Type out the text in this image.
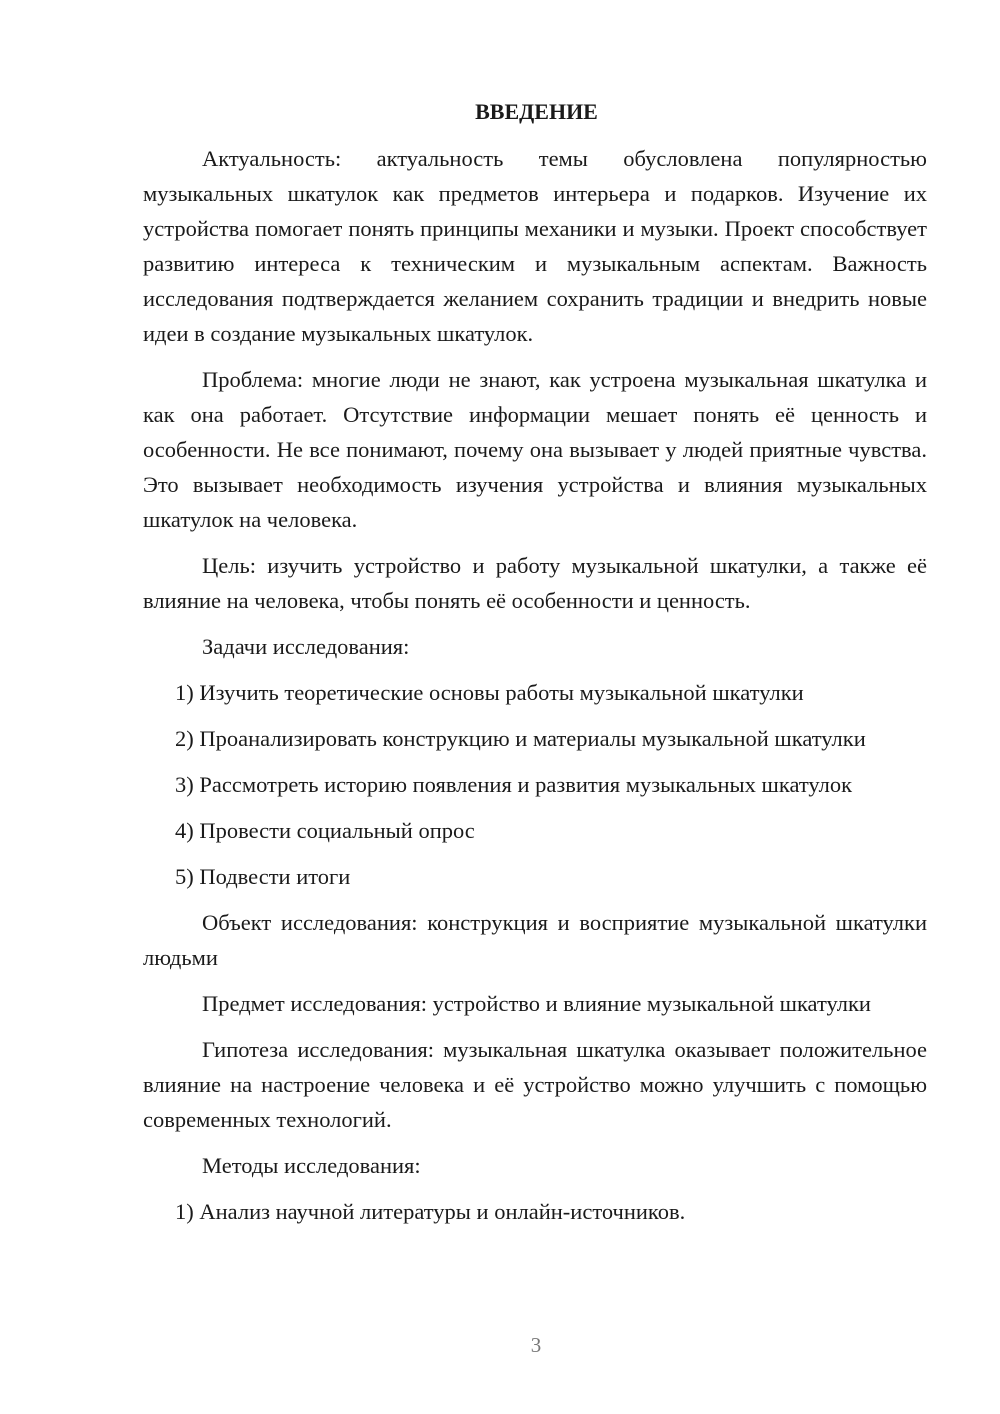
ВВЕДЕНИЕ

Актуальность: актуальность темы обусловлена популярностью музыкальных шкатулок как предметов интерьера и подарков. Изучение их устройства помогает понять принципы механики и музыки. Проект способствует развитию интереса к техническим и музыкальным аспектам. Важность исследования подтверждается желанием сохранить традиции и внедрить новые идеи в создание музыкальных шкатулок.

Проблема: многие люди не знают, как устроена музыкальная шкатулка и как она работает. Отсутствие информации мешает понять её ценность и особенности. Не все понимают, почему она вызывает у людей приятные чувства. Это вызывает необходимость изучения устройства и влияния музыкальных шкатулок на человека.

Цель: изучить устройство и работу музыкальной шкатулки, а также её влияние на человека, чтобы понять её особенности и ценность.

Задачи исследования:

1) Изучить теоретические основы работы музыкальной шкатулки

2) Проанализировать конструкцию и материалы музыкальной шкатулки

3) Рассмотреть историю появления и развития музыкальных шкатулок

4) Провести социальный опрос

5) Подвести итоги

Объект исследования: конструкция и восприятие музыкальной шкатулки людьми

Предмет исследования: устройство и влияние музыкальной шкатулки

Гипотеза исследования: музыкальная шкатулка оказывает положительное влияние на настроение человека и её устройство можно улучшить с помощью современных технологий.

Методы исследования:

1) Анализ научной литературы и онлайн-источников.

3
